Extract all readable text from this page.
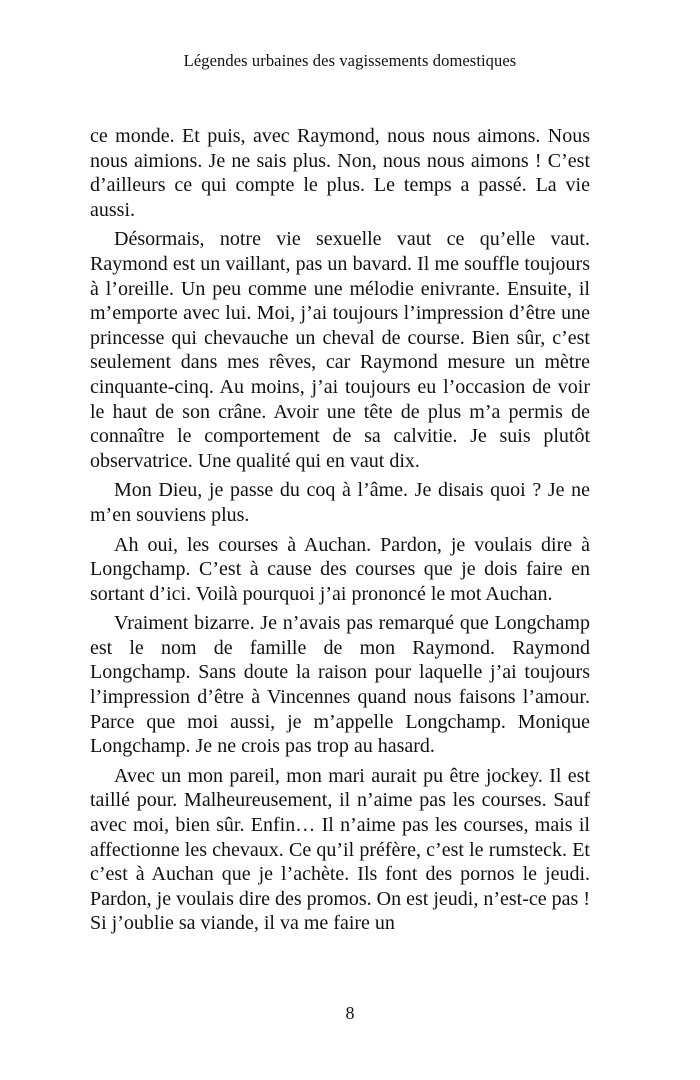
Légendes urbaines des vagissements domestiques

ce monde. Et puis, avec Raymond, nous nous aimons. Nous nous aimions. Je ne sais plus. Non, nous nous aimons ! C’est d’ailleurs ce qui compte le plus. Le temps a passé. La vie aussi.

Désormais, notre vie sexuelle vaut ce qu’elle vaut. Raymond est un vaillant, pas un bavard. Il me souffle toujours à l’oreille. Un peu comme une mélodie enivrante. Ensuite, il m’emporte avec lui. Moi, j’ai toujours l’impression d’être une princesse qui chevauche un cheval de course. Bien sûr, c’est seulement dans mes rêves, car Raymond mesure un mètre cinquante-cinq. Au moins, j’ai toujours eu l’occasion de voir le haut de son crâne. Avoir une tête de plus m’a permis de connaître le comportement de sa calvitie. Je suis plutôt observatrice. Une qualité qui en vaut dix.

Mon Dieu, je passe du coq à l’âme. Je disais quoi ? Je ne m’en souviens plus.

Ah oui, les courses à Auchan. Pardon, je voulais dire à Longchamp. C’est à cause des courses que je dois faire en sortant d’ici. Voilà pourquoi j’ai prononcé le mot Auchan.

Vraiment bizarre. Je n’avais pas remarqué que Longchamp est le nom de famille de mon Raymond. Raymond Longchamp. Sans doute la raison pour laquelle j’ai toujours l’impression d’être à Vincennes quand nous faisons l’amour. Parce que moi aussi, je m’appelle Longchamp. Monique Longchamp. Je ne crois pas trop au hasard.

Avec un mon pareil, mon mari aurait pu être jockey. Il est taillé pour. Malheureusement, il n’aime pas les courses. Sauf avec moi, bien sûr. Enfin… Il n’aime pas les courses, mais il affectionne les chevaux. Ce qu’il préfère, c’est le rumsteck. Et c’est à Auchan que je l’achète. Ils font des pornos le jeudi. Pardon, je voulais dire des promos. On est jeudi, n’est-ce pas ! Si j’oublie sa viande, il va me faire un

8
